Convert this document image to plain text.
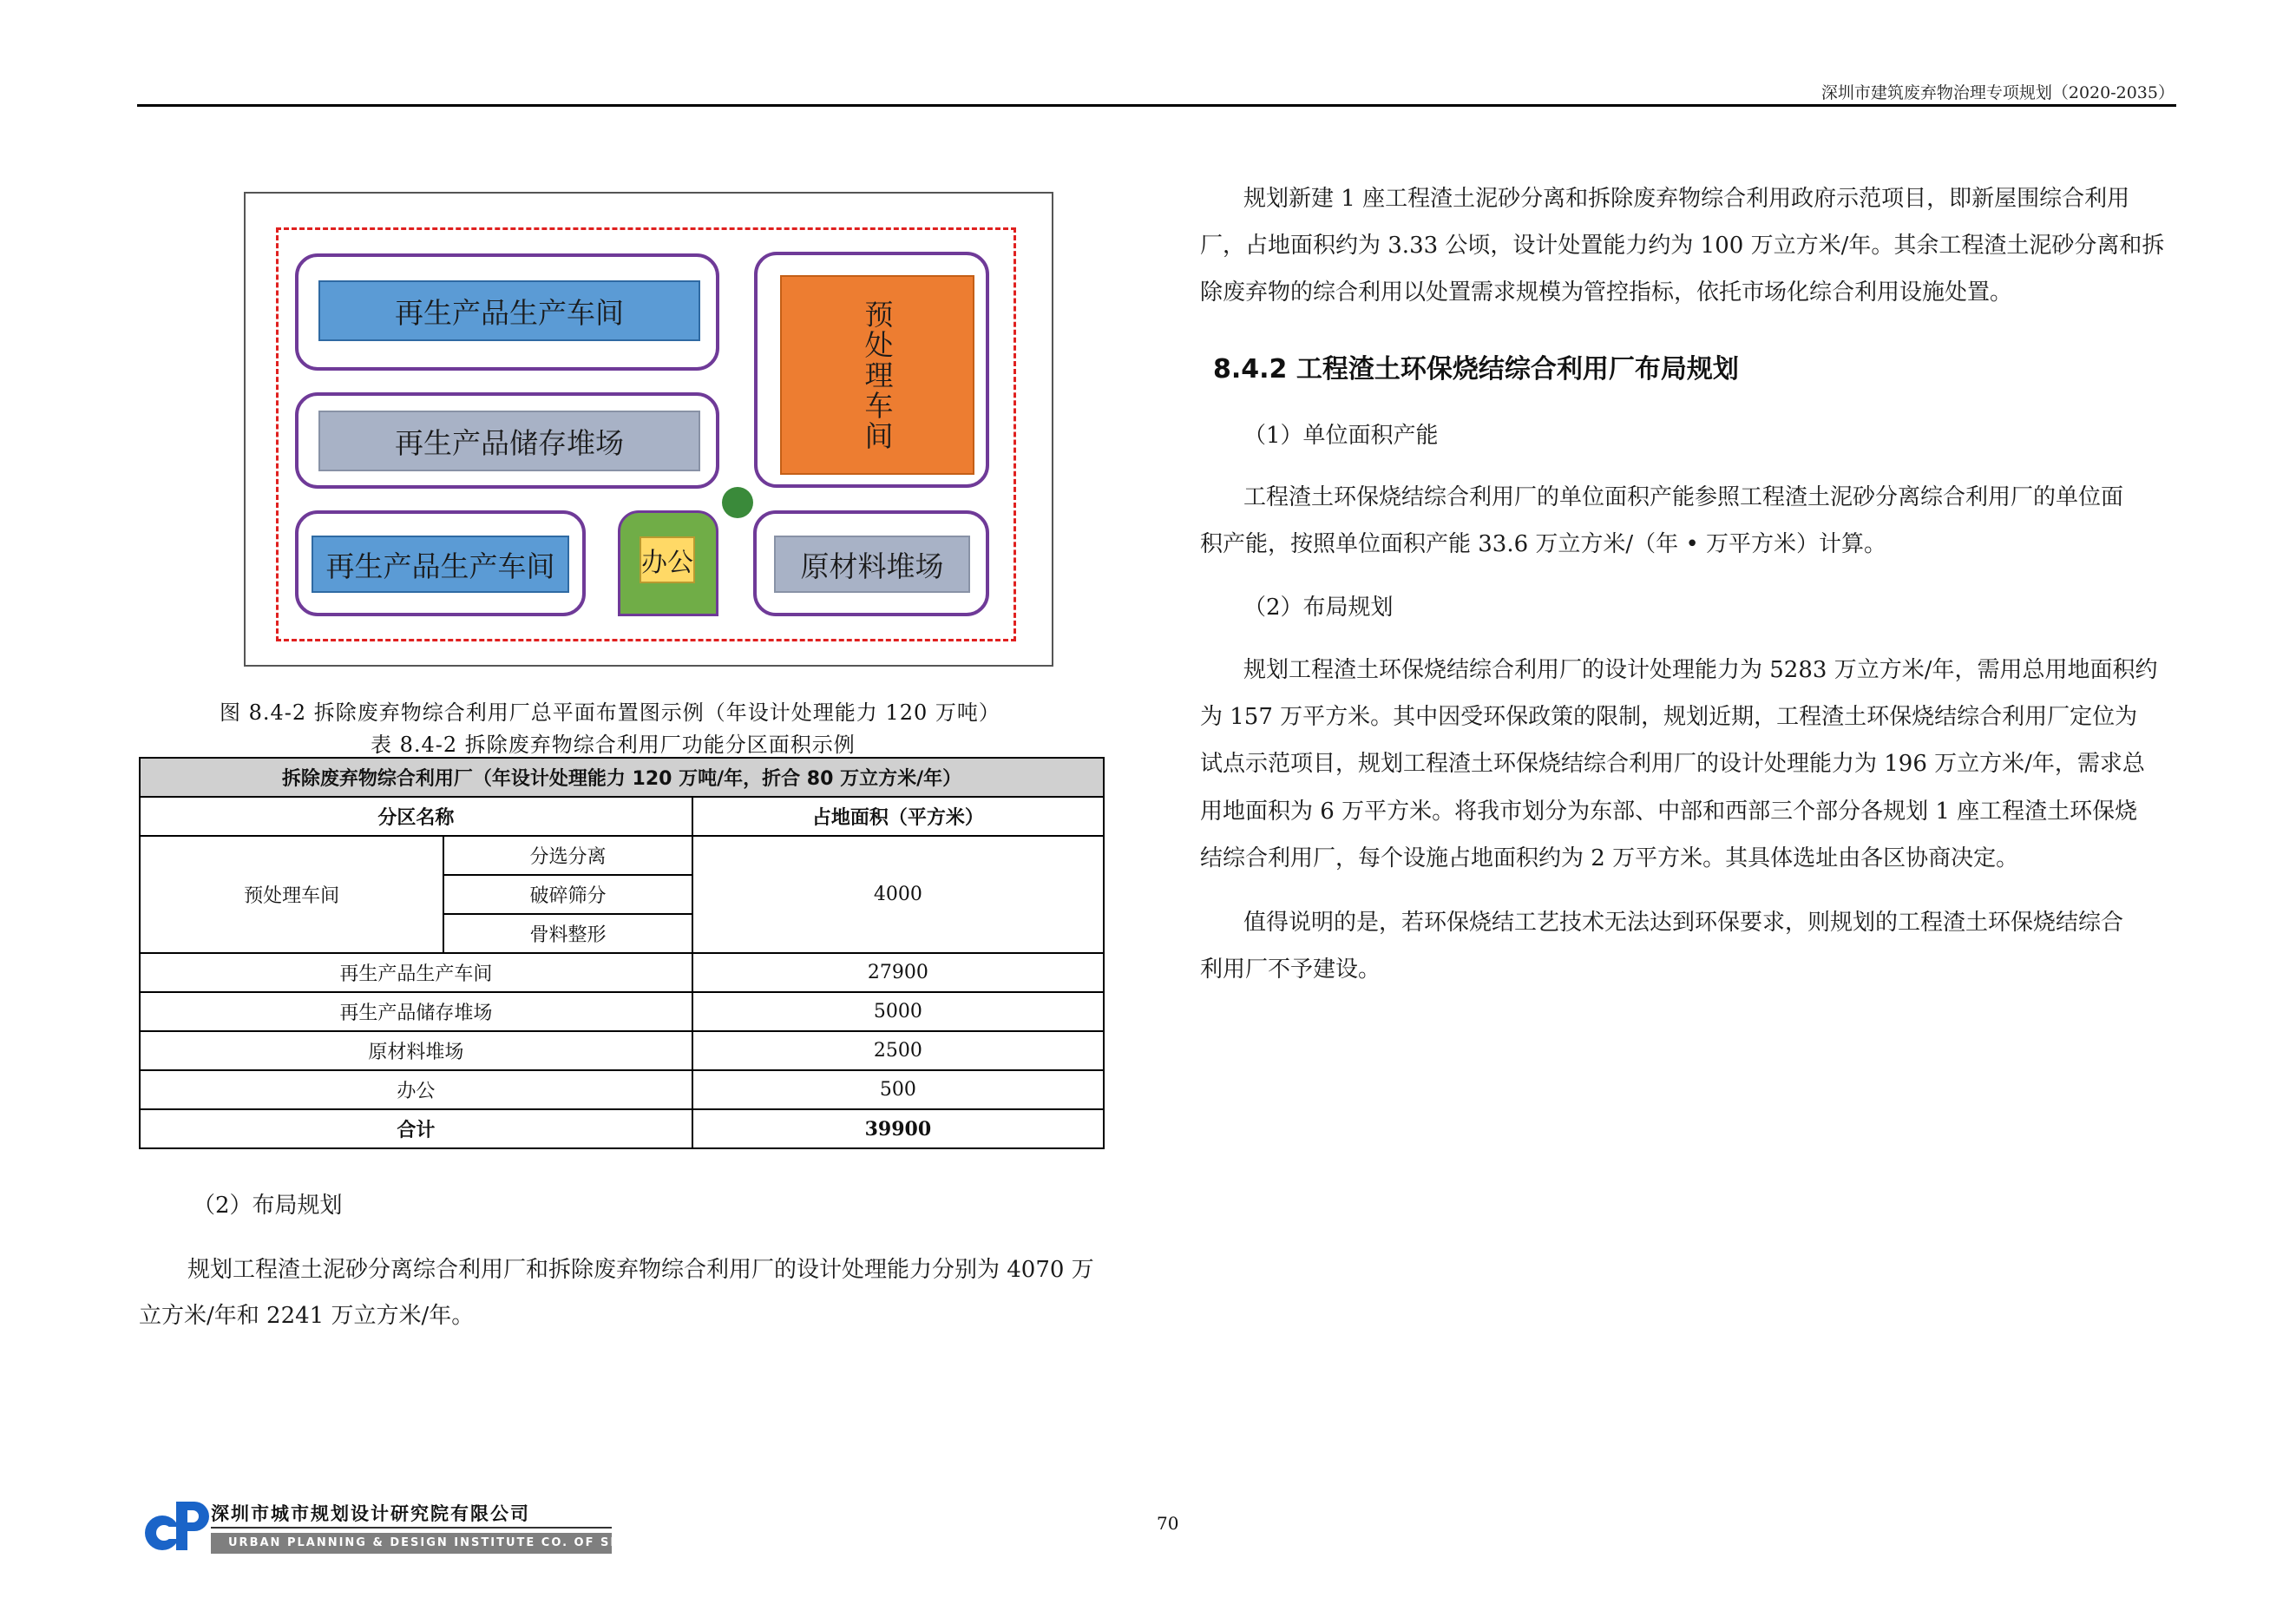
深圳市建筑废弃物治理专项规划（2020-2035）
再生产品生产车间
再生产品储存堆场	预处理车间
再生产品生产车间	办公	原材料堆场
图 8.4-2 拆除废弃物综合利用厂总平面布置图示例（年设计处理能力 120 万吨）
表 8.4-2 拆除废弃物综合利用厂功能分区面积示例
拆除废弃物综合利用厂（年设计处理能力 120 万吨/年，折合 80 万立方米/年）		
分区名称		占地面积（平方米）
预处理车间	分选分离	4000
	破碎筛分	
	骨料整形	
再生产品生产车间		27900
再生产品储存堆场		5000
原材料堆场		2500
办公		500
合计		39900
（2）布局规划
规划工程渣土泥砂分离综合利用厂和拆除废弃物综合利用厂的设计处理能力分别为 4070 万
立方米/年和 2241 万立方米/年。
规划新建 1 座工程渣土泥砂分离和拆除废弃物综合利用政府示范项目，即新屋围综合利用
厂，占地面积约为 3.33 公顷，设计处置能力约为 100 万立方米/年。其余工程渣土泥砂分离和拆
除废弃物的综合利用以处置需求规模为管控指标，依托市场化综合利用设施处置。
8.4.2 工程渣土环保烧结综合利用厂布局规划
（1）单位面积产能
工程渣土环保烧结综合利用厂的单位面积产能参照工程渣土泥砂分离综合利用厂的单位面
积产能，按照单位面积产能 33.6 万立方米/（年 • 万平方米）计算。
（2）布局规划
规划工程渣土环保烧结综合利用厂的设计处理能力为 5283 万立方米/年，需用总用地面积约
为 157 万平方米。其中因受环保政策的限制，规划近期，工程渣土环保烧结综合利用厂定位为
试点示范项目，规划工程渣土环保烧结综合利用厂的设计处理能力为 196 万立方米/年，需求总
用地面积为 6 万平方米。将我市划分为东部、中部和西部三个部分各规划 1 座工程渣土环保烧
结综合利用厂，每个设施占地面积约为 2 万平方米。其具体选址由各区协商决定。
值得说明的是，若环保烧结工艺技术无法达到环保要求，则规划的工程渣土环保烧结综合
利用厂不予建设。
70
深圳市城市规划设计研究院有限公司
URBAN PLANNING & DESIGN INSTITUTE CO. OF SHENZHEN
